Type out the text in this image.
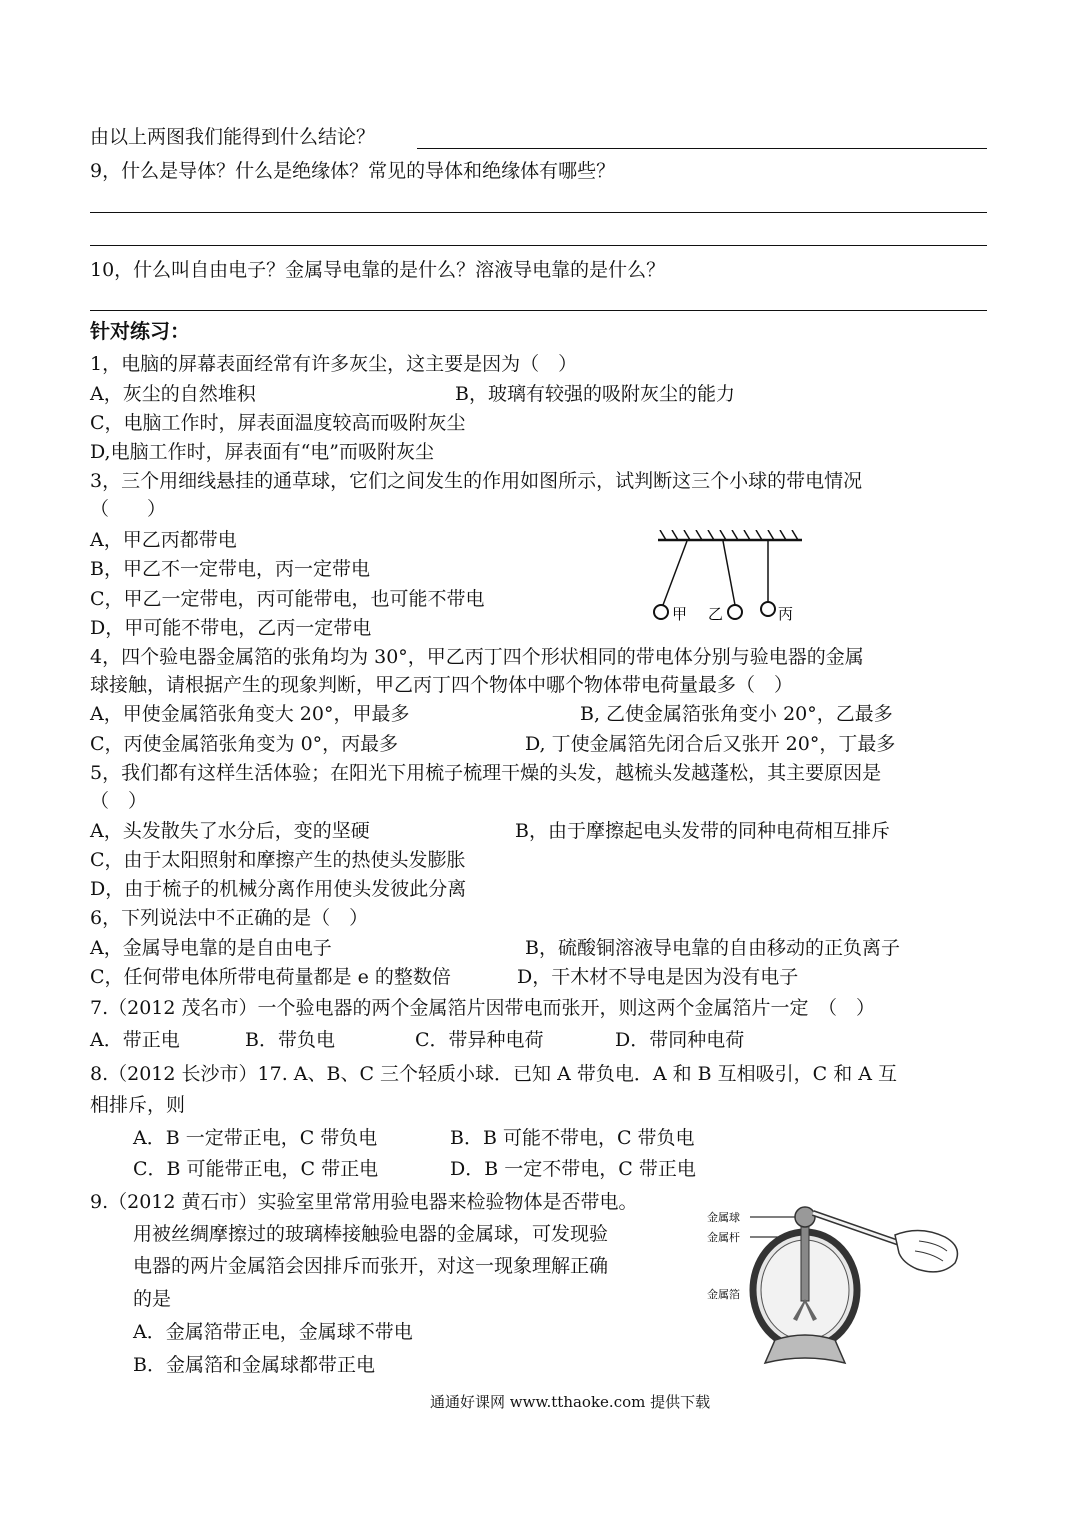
由以上两图我们能得到什么结论？
9，什么是导体？什么是绝缘体？常见的导体和绝缘体有哪些？
10，什么叫自由电子？金属导电靠的是什么？溶液导电靠的是什么？
针对练习：
1，电脑的屏幕表面经常有许多灰尘，这主要是因为（　）
A，灰尘的自然堆积	B，玻璃有较强的吸附灰尘的能力
C，电脑工作时，屏表面温度较高而吸附灰尘
D,电脑工作时，屏表面有“电”而吸附灰尘
3，三个用细线悬挂的通草球，它们之间发生的作用如图所示，试判断这三个小球的带电情况
（　　）
A，甲乙丙都带电
B，甲乙不一定带电，丙一定带电
C，甲乙一定带电，丙可能带电，也可能不带电
D，甲可能不带电，乙丙一定带电
甲 乙	丙
4，四个验电器金属箔的张角均为 30°，甲乙丙丁四个形状相同的带电体分别与验电器的金属
球接触，请根据产生的现象判断，甲乙丙丁四个物体中哪个物体带电荷量最多（　）
A，甲使金属箔张角变大 20°，甲最多	B, 乙使金属箔张角变小 20°，乙最多
C，丙使金属箔张角变为 0°，丙最多	D, 丁使金属箔先闭合后又张开 20°，丁最多
5，我们都有这样生活体验；在阳光下用梳子梳理干燥的头发，越梳头发越蓬松，其主要原因是
（　）
A，头发散失了水分后，变的坚硬	B，由于摩擦起电头发带的同种电荷相互排斥
C，由于太阳照射和摩擦产生的热使头发膨胀
D，由于梳子的机械分离作用使头发彼此分离
6，下列说法中不正确的是（　）
A，金属导电靠的是自由电子	B，硫酸铜溶液导电靠的自由移动的正负离子
C，任何带电体所带电荷量都是 e 的整数倍	D，干木材不导电是因为没有电子
7.（2012 茂名市）一个验电器的两个金属箔片因带电而张开，则这两个金属箔片一定　（　）
A．带正电	B．带负电	C．带异种电荷	D．带同种电荷
8.（2012 长沙市）17. A、B、C 三个轻质小球．已知 A 带负电．A 和 B 互相吸引，C 和 A 互
相排斥，则
A．B 一定带正电，C 带负电	B．B 可能不带电，C 带负电
C．B 可能带正电，C 带正电	D．B 一定不带电，C 带正电
9.（2012 黄石市）实验室里常常用验电器来检验物体是否带电。
用被丝绸摩擦过的玻璃棒接触验电器的金属球，可发现验
电器的两片金属箔会因排斥而张开，对这一现象理解正确
的是
A．金属箔带正电，金属球不带电
B．金属箔和金属球都带正电
金属球
金属杆
金属箔
通通好课网 www.tthaoke.com 提供下载
